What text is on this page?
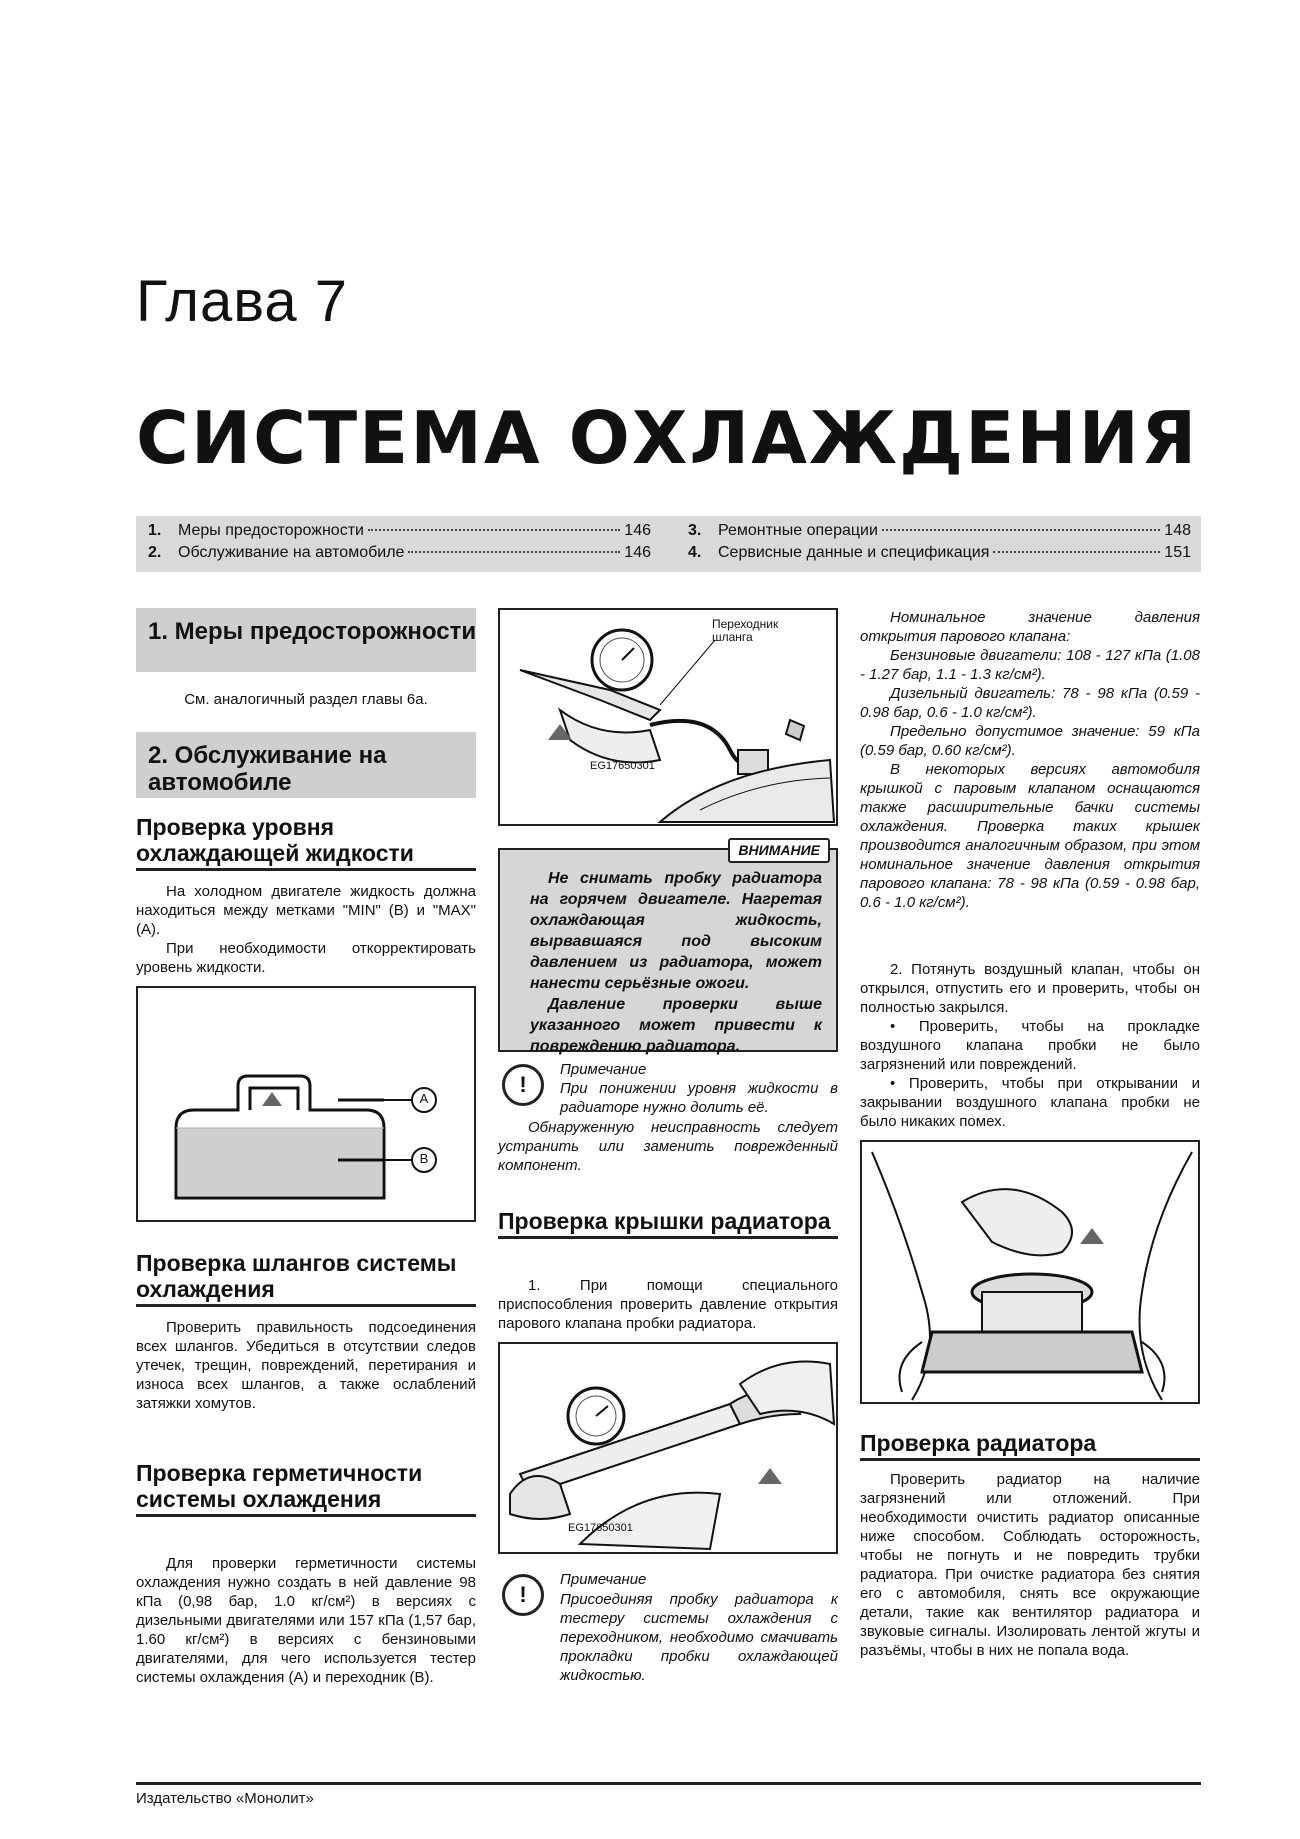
Глава 7
СИСТЕМА ОХЛАЖДЕНИЯ
1.	Меры предосторожности	146
2.	Обслуживание на автомобиле	146
3.	Ремонтные операции	148
4.	Сервисные данные и спецификация	151
1. Меры предосторожности
См. аналогичный раздел главы 6а.
2. Обслуживание на автомобиле
Проверка уровня охлаждающей жидкости

На холодном двигателе жидкость должна находиться между метками "MIN" (B) и "MAX" (A).

При необходимости откорректировать уровень жидкости.

A
B
Проверка шлангов системы охлаждения

Проверить правильность подсоединения всех шлангов. Убедиться в отсутствии следов утечек, трещин, повреждений, перетирания и износа всех шлангов, а также ослаблений затяжки хомутов.

Проверка герметичности системы охлаждения

Для проверки герметичности системы охлаждения нужно создать в ней давление 98 кПа (0,98 бар, 1.0 кг/см²) в версиях с дизельными двигателями или 157 кПа (1,57 бар, 1.60 кг/см²) в версиях с бензиновыми двигателями, для чего используется тестер системы охлаждения (A) и переходник (B).

Переходник шланга
EG17650301
ВНИМАНИЕ

Не снимать пробку радиатора на горячем двигателе. Нагретая охлаждающая жидкость, вырвавшаяся под высоким давлением из радиатора, может нанести серьёзные ожоги.

Давление проверки выше указанного может привести к повреждению радиатора.

!
Примечание
При понижении уровня жидкости в радиаторе нужно долить её.

Обнаруженную неисправность следует устранить или заменить поврежденный компонент.

Проверка крышки радиатора

1. При помощи специального приспособления проверить давление открытия парового клапана пробки радиатора.

EG17650301
!
Примечание
Присоединяя пробку радиатора к тестеру системы охлаждения с переходником, необходимо смачивать прокладки пробки охлаждающей жидкостью.

Номинальное значение давления открытия парового клапана:

Бензиновые двигатели: 108 - 127 кПа (1.08 - 1.27 бар, 1.1 - 1.3 кг/см²).

Дизельный двигатель: 78 - 98 кПа (0.59 - 0.98 бар, 0.6 - 1.0 кг/см²).

Предельно допустимое значение: 59 кПа (0.59 бар, 0.60 кг/см²).

В некоторых версиях автомобиля крышкой с паровым клапаном оснащаются также расширительные бачки системы охлаждения. Проверка таких крышек производится аналогичным образом, при этом номинальное значение давления открытия парового клапана: 78 - 98 кПа (0.59 - 0.98 бар, 0.6 - 1.0 кг/см²).

2. Потянуть воздушный клапан, чтобы он открылся, отпустить его и проверить, чтобы он полностью закрылся.

• Проверить, чтобы на прокладке воздушного клапана пробки не было загрязнений или повреждений.

• Проверить, чтобы при открывании и закрывании воздушного клапана пробки не было никаких помех.

Проверка радиатора

Проверить радиатор на наличие загрязнений или отложений. При необходимости очистить радиатор описанные ниже способом. Соблюдать осторожность, чтобы не погнуть и не повредить трубки радиатора. При очистке радиатора без снятия его с автомобиля, снять все окружающие детали, такие как вентилятор радиатора и звуковые сигналы. Изолировать лентой жгуты и разъёмы, чтобы в них не попала вода.

Издательство «Монолит»
